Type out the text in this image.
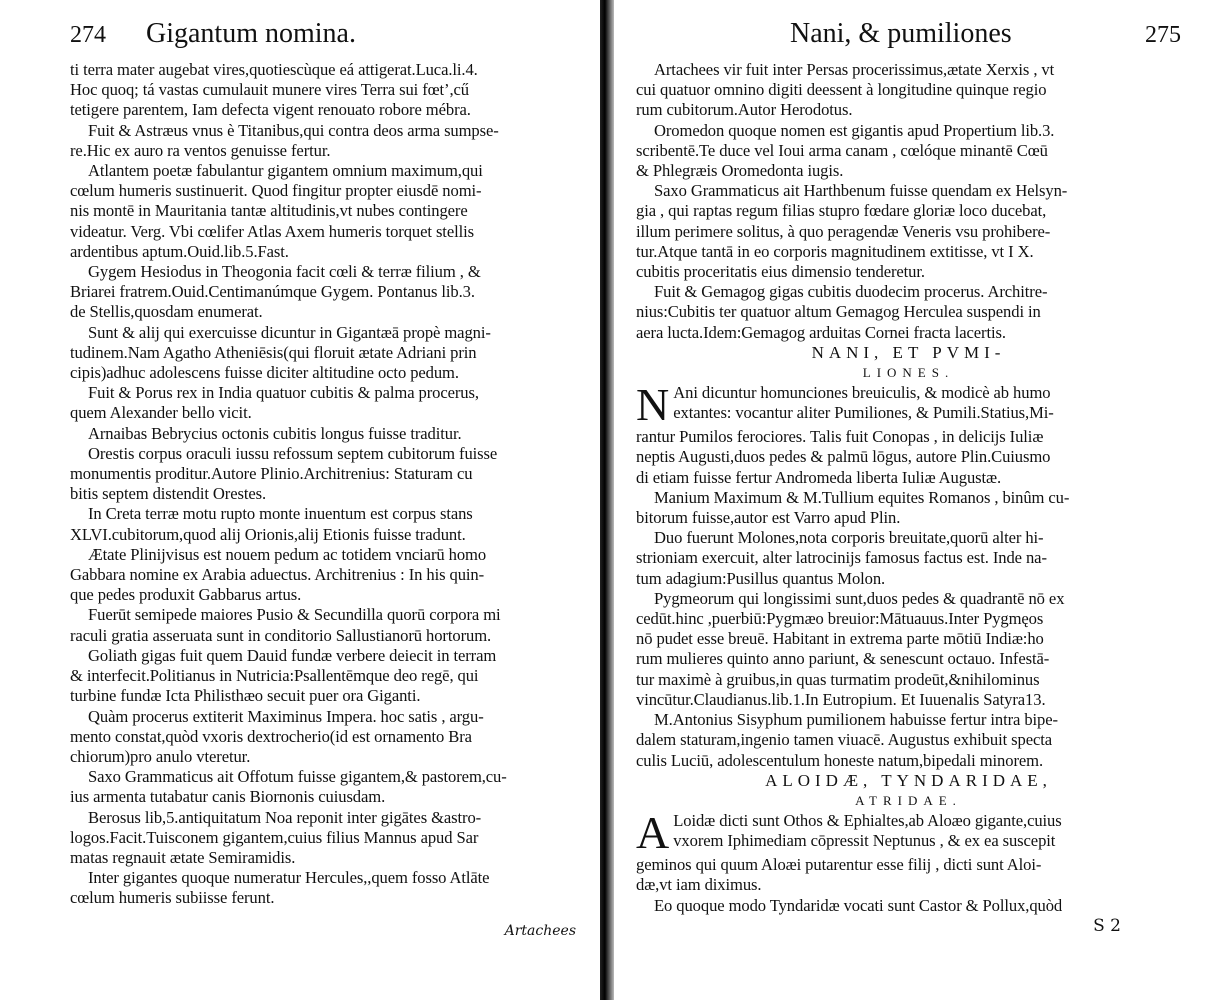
274 Gigantum nomina.
ti terra mater augebat vires,quotiescùque eá attigerat.Luca.li.4.
Hoc quoq; tá vastas cumulauit munere vires Terra sui fœt’,cű
tetigere parentem, Iam defecta vigent renouato robore mébra.
Fuit & Astræus vnus è Titanibus,qui contra deos arma sumpse-
re.Hic ex auro ra ventos genuisse fertur.
Atlantem poetæ fabulantur gigantem omnium maximum,qui
cœlum humeris sustinuerit. Quod fingitur propter eiusdē nomi-
nis montē in Mauritania tantæ altitudinis,vt nubes contingere
videatur. Verg. Vbi cœlifer Atlas Axem humeris torquet stellis
ardentibus aptum.Ouid.lib.5.Fast.
Gygem Hesiodus in Theogonia facit cœli & terræ filium , &
Briarei fratrem.Ouid.Centimanúmque Gygem. Pontanus lib.3.
de Stellis,quosdam enumerat.
Sunt & alij qui exercuisse dicuntur in Gigantæā propè magni-
tudinem.Nam Agatho Atheniēsis(qui floruit ætate Adriani prin
cipis)adhuc adolescens fuisse diciter altitudine octo pedum.
Fuit & Porus rex in India quatuor cubitis & palma procerus,
quem Alexander bello vicit.
Arnaibas Bebrycius octonis cubitis longus fuisse traditur.
Orestis corpus oraculi iussu refossum septem cubitorum fuisse
monumentis proditur.Autore Plinio.Architrenius: Staturam cu
bitis septem distendit Orestes.
In Creta terræ motu rupto monte inuentum est corpus stans
XLVI.cubitorum,quod alij Orionis,alij Etionis fuisse tradunt.
Ætate Plinijvisus est nouem pedum ac totidem vnciarū homo
Gabbara nomine ex Arabia aduectus. Architrenius : In his quin-
que pedes produxit Gabbarus artus.
Fuerūt semipede maiores Pusio & Secundilla quorū corpora mi
raculi gratia asseruata sunt in conditorio Sallustianorū hortorum.
Goliath gigas fuit quem Dauid fundæ verbere deiecit in terram
& interfecit.Politianus in Nutricia:Psallentēmque deo regē, qui
turbine fundæ Icta Philisthæo secuit puer ora Giganti.
Quàm procerus extiterit Maximinus Impera. hoc satis , argu-
mento constat,quòd vxoris dextrocherio(id est ornamento Bra
chiorum)pro anulo vteretur.
Saxo Grammaticus ait Offotum fuisse gigantem,& pastorem,cu-
ius armenta tutabatur canis Biornonis cuiusdam.
Berosus lib,5.antiquitatum Noa reponit inter gigātes &astro-
logos.Facit.Tuisconem gigantem,cuius filius Mannus apud Sar
matas regnauit ætate Semiramidis.
Inter gigantes quoque numeratur Hercules,,quem fosso Atlāte
cœlum humeris subiisse ferunt.
Artachees
Nani, & pumiliones	275
Artachees vir fuit inter Persas procerissimus,ætate Xerxis , vt
cui quatuor omnino digiti deessent à longitudine quinque regio
rum cubitorum.Autor Herodotus.
Oromedon quoque nomen est gigantis apud Propertium lib.3.
scribentē.Te duce vel Ioui arma canam , cœlóque minantē Cœū
& Phlegræis Oromedonta iugis.
Saxo Grammaticus ait Harthbenum fuisse quendam ex Helsyn-
gia , qui raptas regum filias stupro fœdare gloriæ loco ducebat,
illum perimere solitus, à quo peragendæ Veneris vsu prohibere-
tur.Atque tantā in eo corporis magnitudinem extitisse, vt I X.
cubitis proceritatis eius dimensio tenderetur.
Fuit & Gemagog gigas cubitis duodecim procerus. Architre-
nius:Cubitis ter quatuor altum Gemagog Herculea suspendi in
aera lucta.Idem:Gemagog arduitas Cornei fracta lacertis.
NANI, ET PVMI-
LIONES.
N Ani dicuntur homunciones breuiculis, & modicè ab humo
extantes: vocantur aliter Pumiliones, & Pumili.Statius,Mi-
rantur Pumilos ferociores. Talis fuit Conopas , in delicijs Iuliæ
neptis Augusti,duos pedes & palmū lōgus, autore Plin.Cuiusmo
di etiam fuisse fertur Andromeda liberta Iuliæ Augustæ.
Manium Maximum & M.Tullium equites Romanos , binûm cu-
bitorum fuisse,autor est Varro apud Plin.
Duo fuerunt Molones,nota corporis breuitate,quorū alter hi-
strioniam exercuit, alter latrocinijs famosus factus est. Inde na-
tum adagium:Pusillus quantus Molon.
Pygmeorum qui longissimi sunt,duos pedes & quadrantē nō ex
cedūt.hinc ,puerbiū:Pygmæo breuior:Mātuauus.Inter Pygmęos
nō pudet esse breuē. Habitant in extrema parte mōtiū Indiæ:ho
rum mulieres quinto anno pariunt, & senescunt octauo. Infestā-
tur maximè à gruibus,in quas turmatim prodeūt,&nihilominus
vincūtur.Claudianus.lib.1.In Eutropium. Et Iuuenalis Satyra13.
M.Antonius Sisyphum pumilionem habuisse fertur intra bipe-
dalem staturam,ingenio tamen viuacē. Augustus exhibuit specta
culis Luciū, adolescentulum honeste natum,bipedali minorem.
ALOIDÆ, TYNDARIDAE,
ATRIDAE.
A Loidæ dicti sunt Othos & Ephialtes,ab Aloæo gigante,cuius
vxorem Iphimediam cōpressit Neptunus , & ex ea suscepit
geminos qui quum Aloæi putarentur esse filij , dicti sunt Aloi-
dæ,vt iam diximus.
Eo quoque modo Tyndaridæ vocati sunt Castor & Pollux,quòd
S 2
